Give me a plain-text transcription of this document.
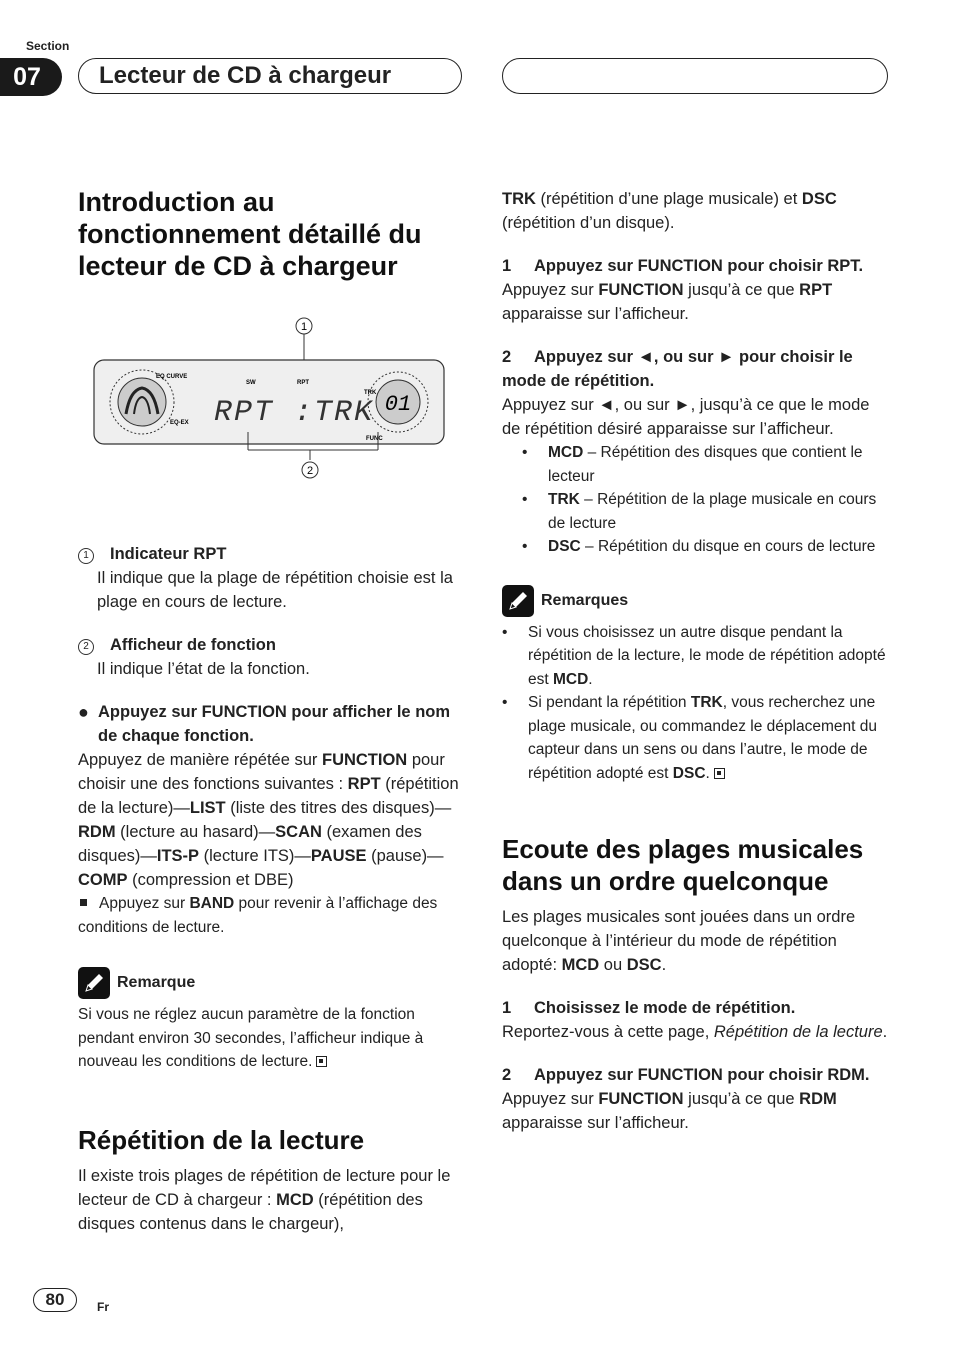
Section
07	Lecteur de CD à chargeur
Introduction au fonctionnement détaillé du lecteur de CD à chargeur
1
EQ CURVE
EQ-EX
SW	RPT
TRK
FUNC
RPT :TRK 01
2
1 Indicateur RPT
Il indique que la plage de répétition choisie est la plage en cours de lecture.
2 Afficheur de fonction
Il indique l’état de la fonction.
● Appuyez sur FUNCTION pour afficher le nom de chaque fonction.

Appuyez de manière répétée sur FUNCTION pour choisir une des fonctions suivantes : RPT (répétition de la lecture)—LIST (liste des titres des disques)—RDM (lecture au hasard)—SCAN (examen des disques)—ITS-P (lecture ITS)—PAUSE (pause)—COMP (compression et DBE)

Appuyez sur BAND pour revenir à l’affichage des conditions de lecture.

Remarque

Si vous ne réglez aucun paramètre de la fonction pendant environ 30 secondes, l’afficheur indique à nouveau les conditions de lecture.

Répétition de la lecture

Il existe trois plages de répétition de lecture pour le lecteur de CD à chargeur : MCD (répétition des disques contenus dans le chargeur),

TRK (répétition d’une plage musicale) et DSC (répétition d’un disque).

1 Appuyez sur FUNCTION pour choisir RPT.

Appuyez sur FUNCTION jusqu’à ce que RPT apparaisse sur l’afficheur.

2 Appuyez sur ◄, ou sur ► pour choisir le mode de répétition.

Appuyez sur ◄, ou sur ►, jusqu’à ce que le mode de répétition désiré apparaisse sur l’afficheur.

•	MCD – Répétition des disques que contient le lecteur
•	TRK – Répétition de la plage musicale en cours de lecture
•	DSC – Répétition du disque en cours de lecture
Remarques
•	Si vous choisissez un autre disque pendant la répétition de la lecture, le mode de répétition adopté est MCD.
•	Si pendant la répétition TRK, vous recherchez une plage musicale, ou commandez le déplacement du capteur dans un sens ou dans l’autre, le mode de répétition adopté est DSC.
Ecoute des plages musicales dans un ordre quelconque

Les plages musicales sont jouées dans un ordre quelconque à l’intérieur du mode de répétition adopté: MCD ou DSC.

1 Choisissez le mode de répétition.

Reportez-vous à cette page, Répétition de la lecture.

2 Appuyez sur FUNCTION pour choisir RDM.

Appuyez sur FUNCTION jusqu’à ce que RDM apparaisse sur l’afficheur.

80	Fr
